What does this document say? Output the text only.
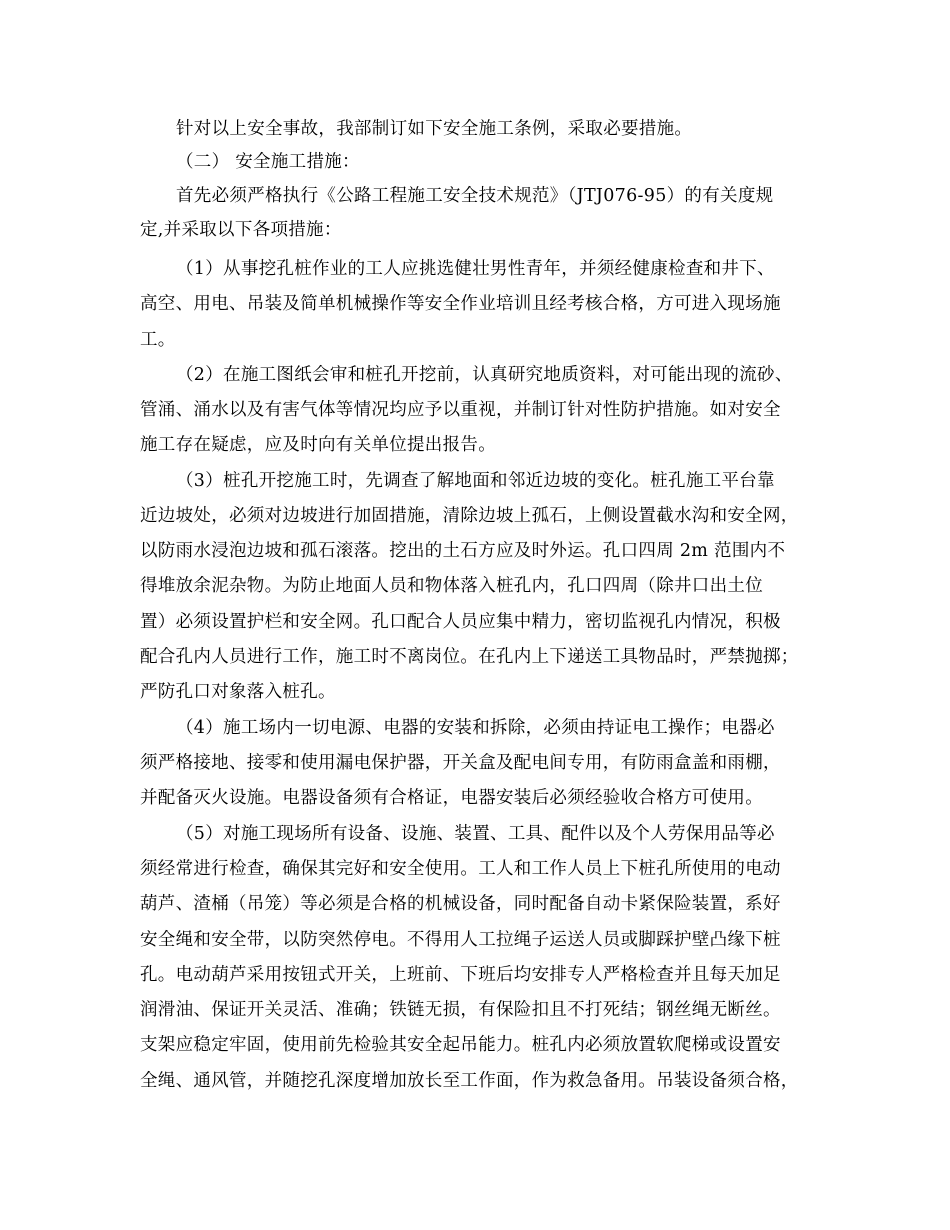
针对以上安全事故，我部制订如下安全施工条例，采取必要措施。
（二） 安全施工措施：
首先必须严格执行《公路工程施工安全技术规范》（JTJ076-95）的有关度规
定,并采取以下各项措施：
（1）从事挖孔桩作业的工人应挑选健壮男性青年，并须经健康检查和井下、
高空、用电、吊装及简单机械操作等安全作业培训且经考核合格，方可进入现场施
工。
（2）在施工图纸会审和桩孔开挖前，认真研究地质资料，对可能出现的流砂、
管涌、涌水以及有害气体等情况均应予以重视，并制订针对性防护措施。如对安全
施工存在疑虑，应及时向有关单位提出报告。
（3）桩孔开挖施工时，先调查了解地面和邻近边坡的变化。桩孔施工平台靠
近边坡处，必须对边坡进行加固措施，清除边坡上孤石，上侧设置截水沟和安全网，
以防雨水浸泡边坡和孤石滚落。挖出的土石方应及时外运。孔口四周 2m 范围内不
得堆放余泥杂物。为防止地面人员和物体落入桩孔内，孔口四周（除井口出土位
置）必须设置护栏和安全网。孔口配合人员应集中精力，密切监视孔内情况，积极
配合孔内人员进行工作，施工时不离岗位。在孔内上下递送工具物品时，严禁抛掷；
严防孔口对象落入桩孔。
（4）施工场内一切电源、电器的安装和拆除，必须由持证电工操作；电器必
须严格接地、接零和使用漏电保护器，开关盒及配电间专用，有防雨盒盖和雨棚，
并配备灭火设施。电器设备须有合格证，电器安装后必须经验收合格方可使用。
（5）对施工现场所有设备、设施、装置、工具、配件以及个人劳保用品等必
须经常进行检查，确保其完好和安全使用。工人和工作人员上下桩孔所使用的电动
葫芦、渣桶（吊笼）等必须是合格的机械设备，同时配备自动卡紧保险装置，系好
安全绳和安全带，以防突然停电。不得用人工拉绳子运送人员或脚踩护壁凸缘下桩
孔。电动葫芦采用按钮式开关，上班前、下班后均安排专人严格检查并且每天加足
润滑油、保证开关灵活、准确；铁链无损，有保险扣且不打死结；钢丝绳无断丝。
支架应稳定牢固，使用前先检验其安全起吊能力。桩孔内必须放置软爬梯或设置安
全绳、通风管，并随挖孔深度增加放长至工作面，作为救急备用。吊装设备须合格，
